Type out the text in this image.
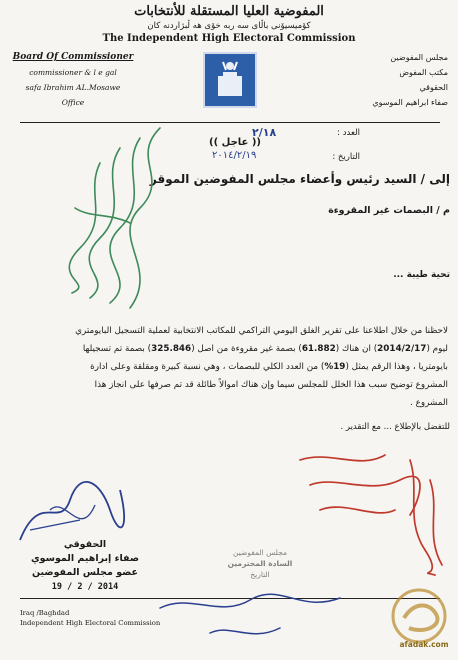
المفوضية العليا المستقلة للأنتخابات
كۆميسيۆنى باڵاى سه ربه خۆى هه ڵبژاردنه كان
The Independent High Electoral Commission
Board Of Commissioner
commissioner & l e gal
safa Ibrahim AL.Mosawe
Office
مجلس المفوضين
مكتب المفوض
الحقوقي
صفاء ابراهيم الموسوي
العدد :
٢/١٨
التاريخ :
٢٠١٤/٢/١٩
(( عاجل ))
إلى / السيد رئيس وأعضاء مجلس المفوضين الموقر
م / البصمات غير المقروءة
تحية طيبة ...
لاحظنا من خلال اطلاعنا على تقرير الغلق اليومي التراكمي للمكاتب الانتخابية لعملية التسجيل البايومتري
ليوم (2014/2/17) ان هناك (61.882) بصمة غير مقروءة من اصل (325.846) بصمة تم تسجيلها
بايومتريا ، وهذا الرقم يمثل (19%) من العدد الكلي للبصمات ، وهي نسبة كبيرة ومقلقة وعلى ادارة
المشروع توضيح سبب هذا الخلل للمجلس سيما وإن هناك اموالاً طائلة قد تم صرفها على انجاز هذا
المشروع .
للتفضل بالإطلاع ... مع التقدير .
الحقوقي
صفاء إبراهيم الموسوي
عضو مجلس المفوضين
2014 / 2 / 19
مجلس المفوضين
السادة المحترمين
التاريخ
Iraq /Baghdad
Independent High Electoral Commission
afadak.com
